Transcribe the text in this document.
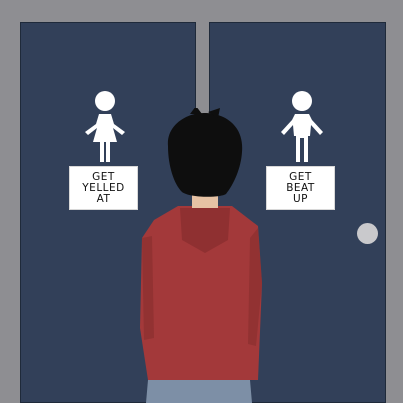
GET
YELLED
AT
GET
BEAT
UP
